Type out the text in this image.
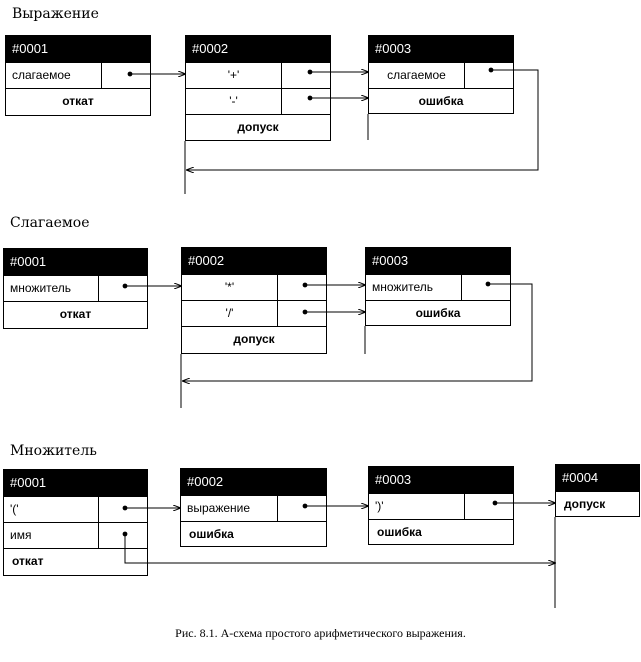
Выражение
#0001
слагаемое
откат
#0002
'+'
'-'
допуск
#0003
слагаемое
ошибка
Слагаемое
#0001
множитель
откат
#0002
'*'
'/'
допуск
#0003
множитель
ошибка
Множитель
#0001
'('
имя
откат
#0002
выражение
ошибка
#0003
')'
ошибка
#0004
допуск
Рис. 8.1. А-схема простого арифметического выражения.
